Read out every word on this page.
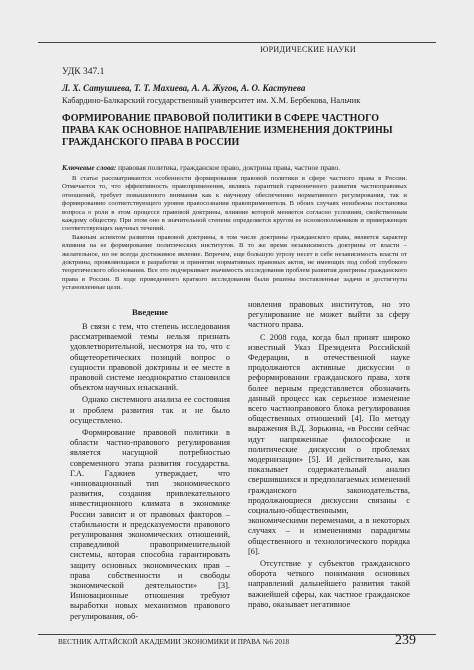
ЮРИДИЧЕСКИЕ НАУКИ
УДК 347.1
Л. Х. Сатушиева, Т. Т. Махиева, А. А. Жугов, А. О. Каступева
Кабардино-Балкарский государственный университет им. Х.М. Бербекова, Нальчик
ФОРМИРОВАНИЕ ПРАВОВОЙ ПОЛИТИКИ В СФЕРЕ ЧАСТНОГО ПРАВА КАК ОСНОВНОЕ НАПРАВЛЕНИЕ ИЗМЕНЕНИЯ ДОКТРИНЫ ГРАЖДАНСКОГО ПРАВА В РОССИИ
Ключевые слова: правовая политика, гражданское право, доктрина права, частное право.

В статье рассматриваются особенности формирования правовой политики в сфере частного права в России. Отмечается то, что эффективность правоприменения, являясь гарантией гармоничного развития частноправовых отношений, требует повышенного внимания как к научному обеспечению нормативного регулирования, так и формированию соответствующего уровня правосознания правоприменителя. В обоих случаях неизбежна постановка вопроса о роли в этом процессе правовой доктрины, влияние которой меняется согласно условиям, свойственным каждому обществу. При этом оно в значительной степени определяется кругом ее основоположников и приверженцев соответствующих научных течений.

Важным аспектом развития правовой доктрины, в том числе доктрины гражданского права, является характер влияния на ее формирование политических институтов. В то же время независимость доктрины от власти – желательное, но не всегда достижимое явление. Впрочем, еще большую угрозу несет в себе независимость власти от доктрины, проявляющаяся в разработке и принятии нормативных правовых актов, не имеющих под собой глубокого теоретического обоснования. Все это подчеркивает значимость исследования проблем развития доктрины гражданского права в России. В ходе проведенного краткого исследования были решены поставленные задачи и достигнуты установленные цели.

Введение

В связи с тем, что степень исследования рассматриваемой темы нельзя признать удовлетворительной, несмотря на то, что с общетеоретических позиций вопрос о сущности правовой доктрины и ее месте в правовой системе неоднократно становился объектом научных изысканий.

Однако системного анализа ее состояния и проблем развития так и не было осуществлено.

Формирование правовой политики в области частно-правового регулирования является насущной потребностью современного этапа развития государства. Г.А. Гаджиев утверждает, что «инновационный тип экономического развития, создания привлекательного инвестиционного климата в экономике России зависит и от правовых факторов – стабильности и предсказуемости правового регулирования экономических отношений, справедливой правоприменительной системы, которая способна гарантировать защиту основных экономических прав – права собственности и свободы экономической деятельности» [3]. Инновационные отношения требуют выработки новых механизмов правового регулирования, об-

новления правовых институтов, но это регулирование не может выйти за сферу частного права.

С 2008 года, когда был принят широко известный Указ Президента Российской Федерации, в отечественной науке продолжаются активные дискуссии о реформировании гражданского права, хотя более верным представляется обозначить данный процесс как серьезное изменение всего частноправового блока регулирования общественных отношений [4]. По методу выражения В.Д. Зорькина, «в России сейчас идут напряженные философские и политические дискуссии о проблемах модернизации» [5]. И действительно, как показывает содержательный анализ свершившихся и предполагаемых изменений гражданского законодательства, продолжающиеся дискуссии связаны с социально-общественными, экономическими переменами, а в некоторых случаях – и изменениями парадигмы общественного и технологического порядка [6].

Отсутствие у субъектов гражданского оборота четкого понимания основных направлений дальнейшего развития такой важнейшей сферы, как частное гражданское право, оказывает негативное

ВЕСТНИК АЛТАЙСКОЙ АКАДЕМИИ ЭКОНОМИКИ И ПРАВА №6 2018	239
